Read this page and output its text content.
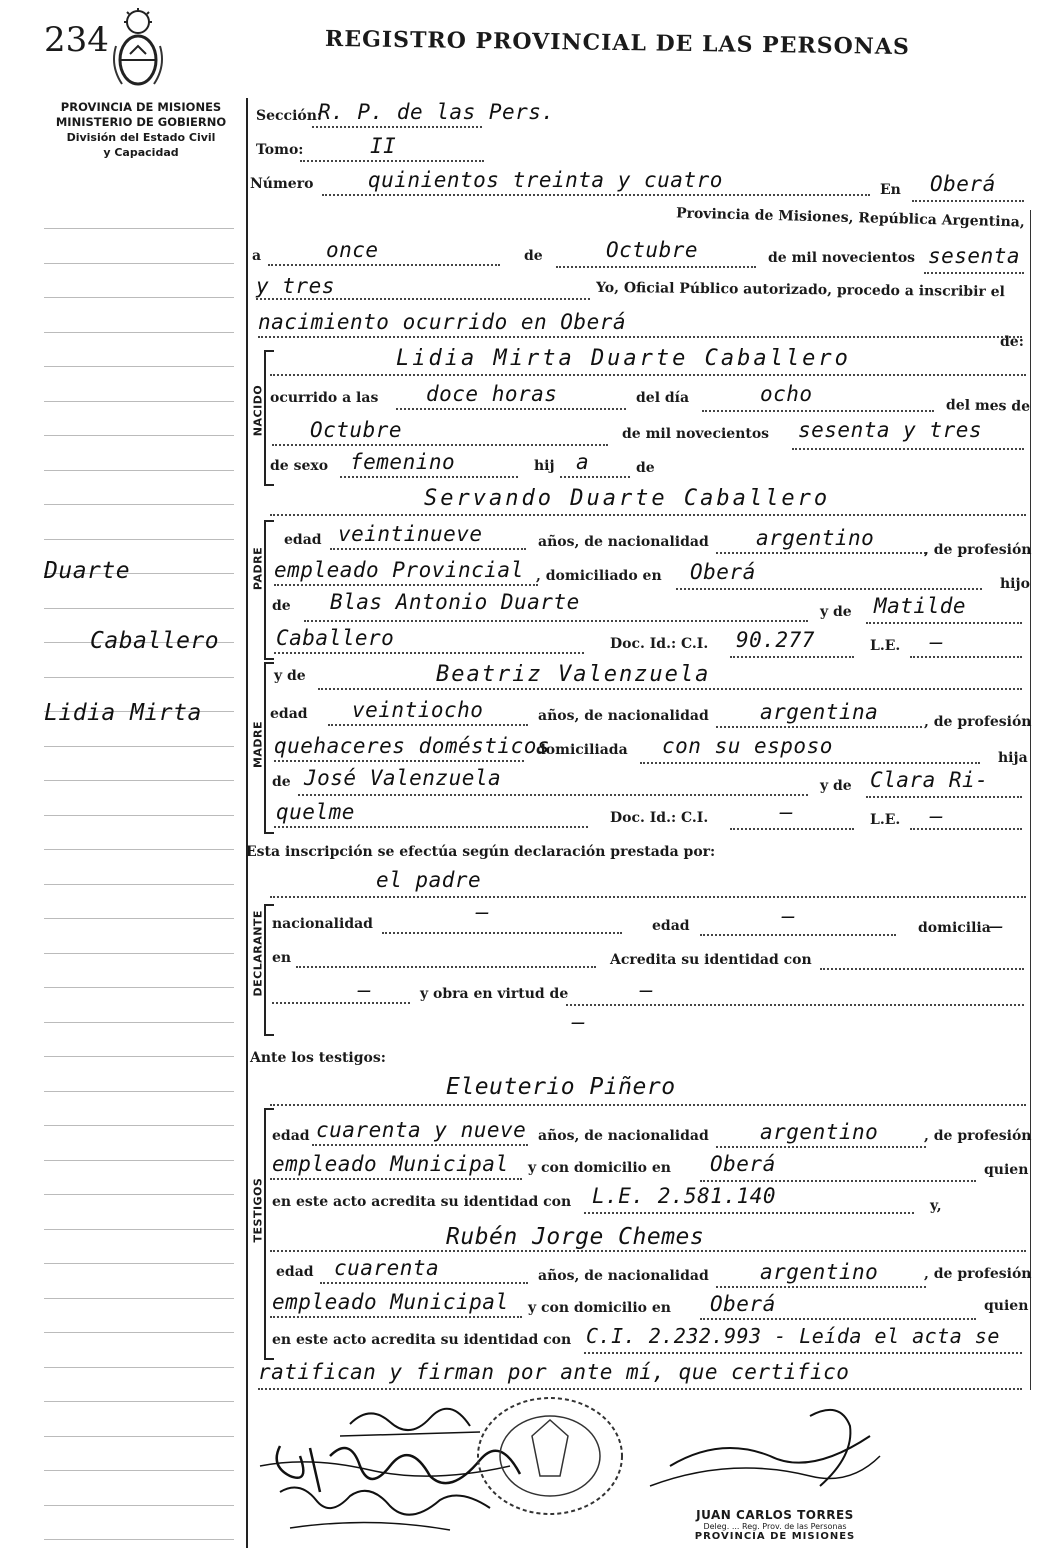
234	REGISTRO PROVINCIAL DE LAS PERSONAS
PROVINCIA DE MISIONES
MINISTERIO DE GOBIERNO
División del Estado Civil
y Capacidad
Duarte
Caballero
Lidia Mirta
Sección:
R. P. de las Pers.
Tomo:	II
Número	quinientos treinta y cuatro	En Oberá
Provincia de Misiones, República Argentina,
a	once	de	Octubre	de mil novecientos sesenta
y tres	Yo, Oficial Público autorizado, procedo a inscribir el
nacimiento ocurrido en Oberá
de:
NACIDO
Lidia Mirta Duarte Caballero
ocurrido a las doce horas	del día	ocho	del mes de
Octubre	de mil novecientos sesenta y tres
de sexo femenino	hij a	de
PADRE
Servando Duarte Caballero
edad veintinueve	años, de nacionalidad argentino	, de profesión
empleado Provincial , domiciliado en Oberá	hijo
de Blas Antonio Duarte	y de Matilde
Caballero	Doc. Id.: C.I. 90.277	L.E. —
MADRE
y de	Beatriz Valenzuela
edad veintiocho	años, de nacionalidad argentina	, de profesión
quehaceres domésticos
domiciliada con su esposo	hija
de José Valenzuela	y de Clara Ri-
quelme	Doc. Id.: C.I.	—	L.E. —
Esta inscripción se efectúa según declaración prestada por:
el padre
DECLARANTE nacionalidad	—
edad	—	domicilia —
en	Acredita su identidad con
—	y obra en virtud de	—
—
Ante los testigos:
TESTIGOS
Eleuterio Piñero
edad cuarenta y nueve años, de nacionalidad argentino	, de profesión
empleado Municipal y con domicilio en Oberá	quien
en este acto acredita su identidad con L.E. 2.581.140	y,
Rubén Jorge Chemes
edad cuarenta	años, de nacionalidad argentino	, de profesión
empleado Municipal y con domicilio en Oberá	quien
en este acto acredita su identidad con C.I. 2.232.993 - Leída el acta se
ratifican y firman por ante mí, que certifico
JUAN CARLOS TORRES
Deleg. ... Reg. Prov. de las Personas
PROVINCIA DE MISIONES
